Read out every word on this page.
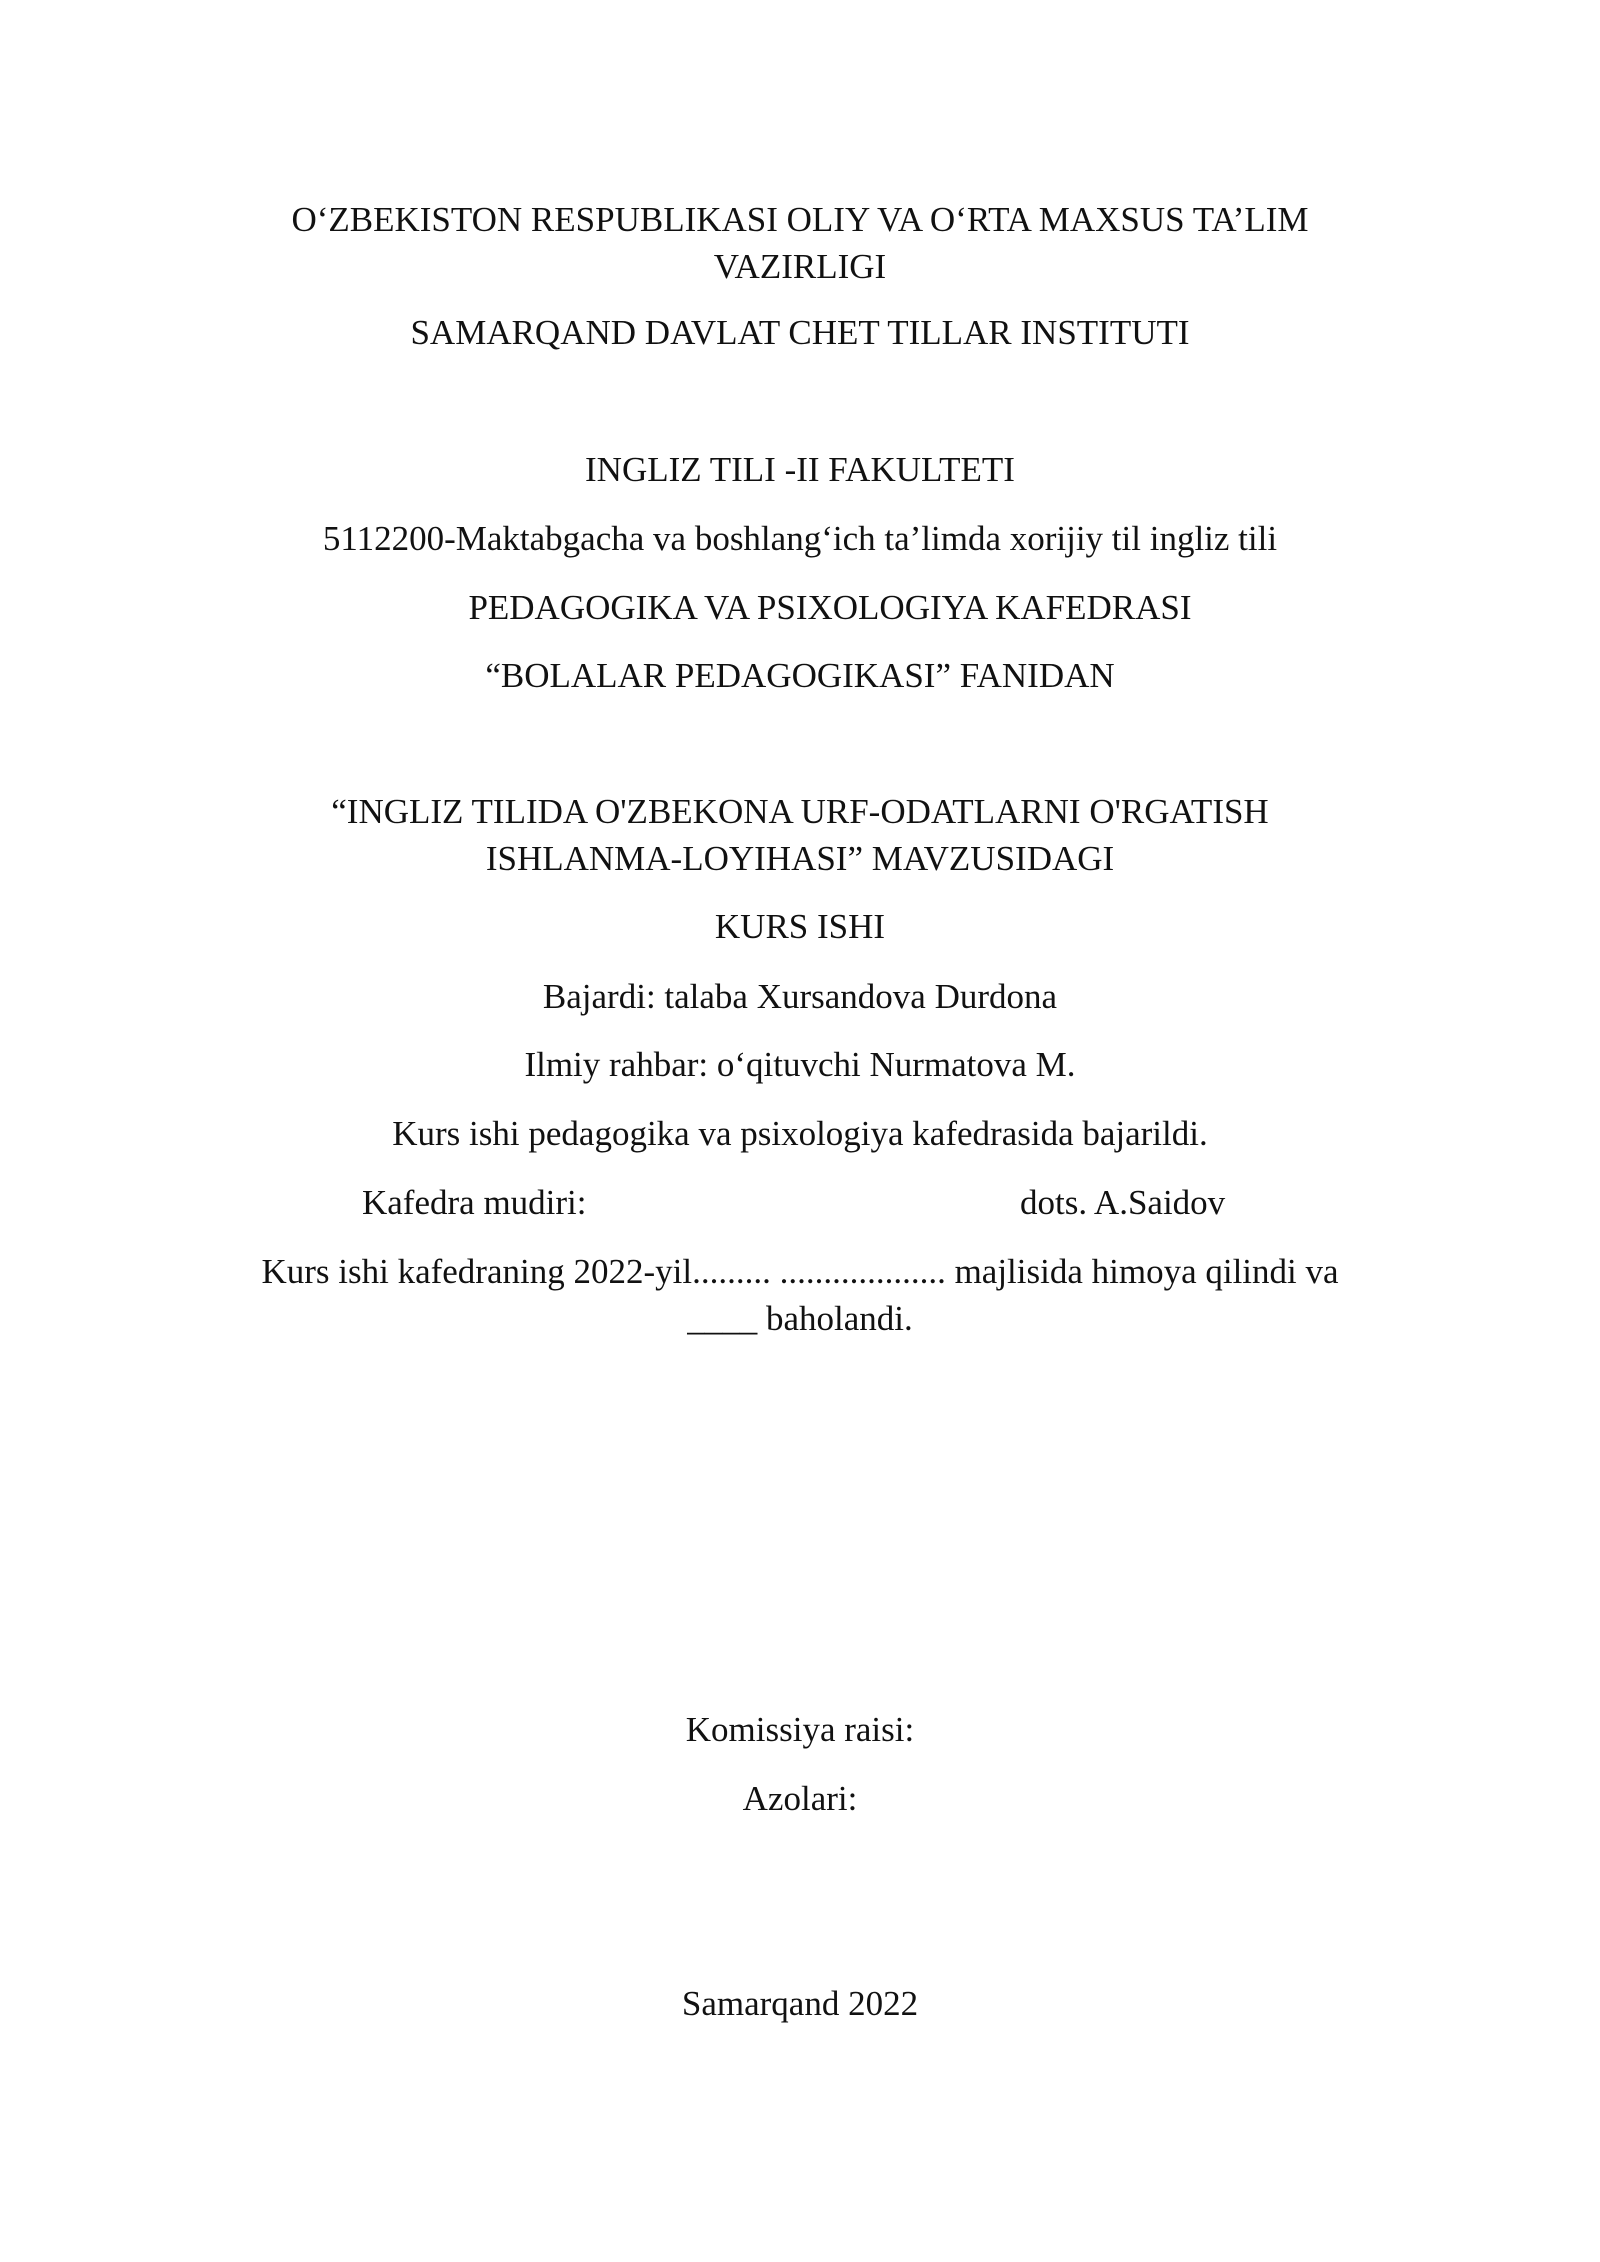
O‘ZBEKISTON RESPUBLIKASI OLIY VA O‘RTA MAXSUS TA’LIM
VAZIRLIGI
SAMARQAND DAVLAT CHET TILLAR INSTITUTI
INGLIZ TILI -II FAKULTETI
5112200-Maktabgacha va boshlang‘ich ta’limda xorijiy til ingliz tili
PEDAGOGIKA VA PSIXOLOGIYA KAFEDRASI
“BOLALAR PEDAGOGIKASI” FANIDAN
“INGLIZ TILIDA O'ZBEKONA URF-ODATLARNI O'RGATISH
ISHLANMA-LOYIHASI” MAVZUSIDAGI
KURS ISHI
Bajardi: talaba Xursandova Durdona
Ilmiy rahbar: o‘qituvchi Nurmatova M.
Kurs ishi pedagogika va psixologiya kafedrasida bajarildi.
Kafedra mudiri:	dots. A.Saidov
Kurs ishi kafedraning 2022-yil......... ................... majlisida himoya qilindi va
____ baholandi.
Komissiya raisi:
Azolari:
Samarqand 2022
